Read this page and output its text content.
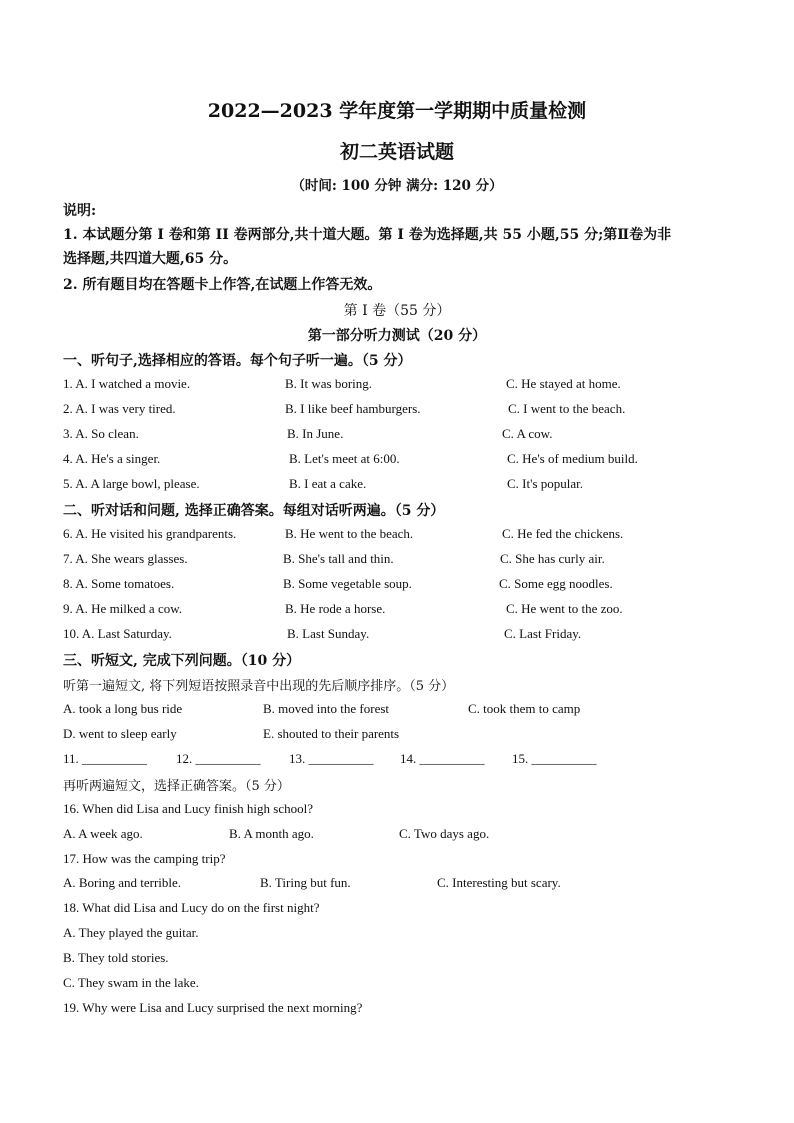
2022—2023 学年度第一学期期中质量检测
初二英语试题
（时间: 100 分钟 满分: 120 分）
说明:
1. 本试题分第 I 卷和第 II 卷两部分,共十道大题。第 I 卷为选择题,共 55 小题,55 分;第Ⅱ卷为非
选择题,共四道大题,65 分。
2. 所有题目均在答题卡上作答,在试题上作答无效。
第 I 卷（55 分）
第一部分听力测试（20 分）
一、听句子,选择相应的答语。每个句子听一遍。（5 分）
1. A. I watched a movie.	B. It was boring.	C. He stayed at home.
2. A. I was very tired.	B. I like beef hamburgers.	C. I went to the beach.
3. A. So clean.	B. In June.	C. A cow.
4. A. He's a singer.	B. Let's meet at 6:00.	C. He's of medium build.
5. A. A large bowl, please.	B. I eat a cake.	C. It's popular.
二、听对话和问题, 选择正确答案。每组对话听两遍。（5 分）
6. A. He visited his grandparents.	B. He went to the beach.	C. He fed the chickens.
7. A. She wears glasses.	B. She's tall and thin.	C. She has curly air.
8. A. Some tomatoes.	B. Some vegetable soup.	C. Some egg noodles.
9. A. He milked a cow.	B. He rode a horse.	C. He went to the zoo.
10. A. Last Saturday.	B. Last Sunday.	C. Last Friday.
三、听短文, 完成下列问题。（10 分）
听第一遍短文, 将下列短语按照录音中出现的先后顺序排序。（5 分）
A. took a long bus ride	B. moved into the forest	C. took them to camp
D. went to sleep early	E. shouted to their parents
11. __________ 12. __________ 13. __________ 14. __________ 15. __________
再听两遍短文，选择正确答案。（5 分）
16. When did Lisa and Lucy finish high school?
A. A week ago.	B. A month ago.	C. Two days ago.
17. How was the camping trip?
A. Boring and terrible.	B. Tiring but fun.	C. Interesting but scary.
18. What did Lisa and Lucy do on the first night?
A. They played the guitar.
B. They told stories.
C. They swam in the lake.
19. Why were Lisa and Lucy surprised the next morning?
